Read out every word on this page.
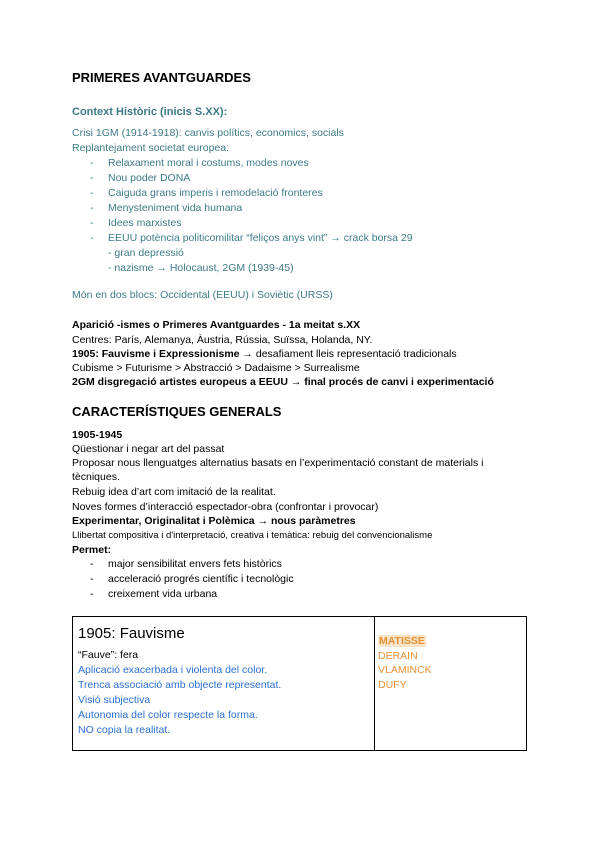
PRIMERES AVANTGUARDES
Context Històric (inicis S.XX):
Crisi 1GM (1914-1918): canvis polítics, economics, socials
Replantejament societat europea:
- Relaxament moral i costums, modes noves
- Nou poder DONA
- Caiguda grans imperis i remodelació fronteres
- Menysteniment vida humana
- Idees marxistes
- EEUU potència politicomilitar “feliços anys vint” → crack borsa 29
- gran depressió
- nazisme → Holocaust, 2GM (1939-45)
Món en dos blocs: Occidental (EEUU) i Soviètic (URSS)
Aparició -ismes o Primeres Avantguardes - 1a meitat s.XX
Centres: París, Alemanya, Àustria, Rússia, Suïssa, Holanda, NY.
1905: Fauvisme i Expressionisme → desafiament lleis representació tradicionals
Cubisme > Futurisme > Abstracció > Dadaisme > Surrealisme
2GM disgregació artistes europeus a EEUU → final procés de canvi i experimentació
CARACTERÍSTIQUES GENERALS
1905-1945
Qüestionar i negar art del passat
Proposar nous llenguatges alternatius basats en l’experimentació constant de materials i
tècniques.
Rebuig idea d’art com imitació de la realitat.
Noves formes d’interacció espectador-obra (confrontar i provocar)
Experimentar, Originalitat i Polèmica → nous paràmetres
Llibertat compositiva i d'interpretació, creativa i temàtica: rebuig del convencionalisme
Permet:
- major sensibilitat envers fets històrics
- acceleració progrés científic i tecnològic
- creixement vida urbana
1905: Fauvisme
“Fauve”: fera
Aplicació exacerbada i violenta del color.
Trenca associació amb objecte representat.
Visió subjectiva
Autonomia del color respecte la forma.
NO copia la realitat.

MATISSE
DERAIN
VLAMINCK
DUFY
